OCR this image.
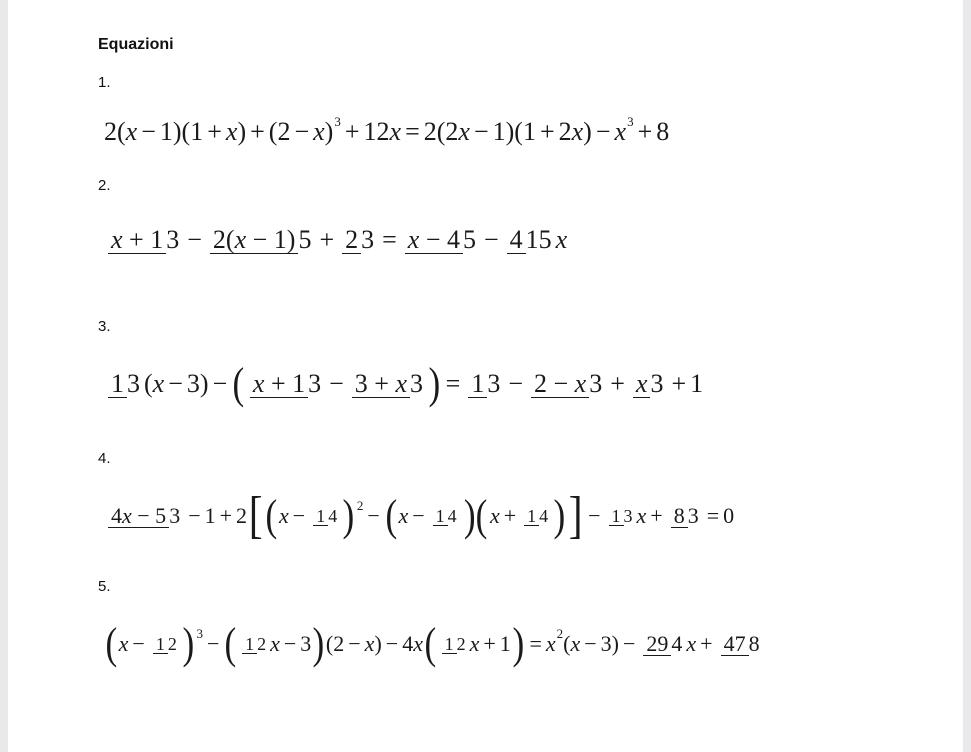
Equazioni
1.
2( x − 1)(1 + x ) + (2 − x ) 3 + 12 x = 2(2 x − 1)(1 + 2 x ) − x 3 + 8
2.
x + 1 3 − 2(x − 1) 5 + 2 3 = x − 4 5 − 4 15 x
3.
1 3 ( x − 3) − ( x + 1 3 − 3 + x 3 ) = 1 3 − 2 − x 3 + x 3 + 1
4.
4x − 5 3 − 1 + 2 [ ( x − 1 4 ) 2 − ( x − 1 4 )( x + 1 4 ) ] − 1 3 x + 8 3 = 0
5.
( x − 1 2 ) 3 − ( 1 2 x − 3 ) (2 − x ) − 4 x ( 1 2 x + 1 ) = x 2 ( x − 3) − 29 4 x + 47 8
